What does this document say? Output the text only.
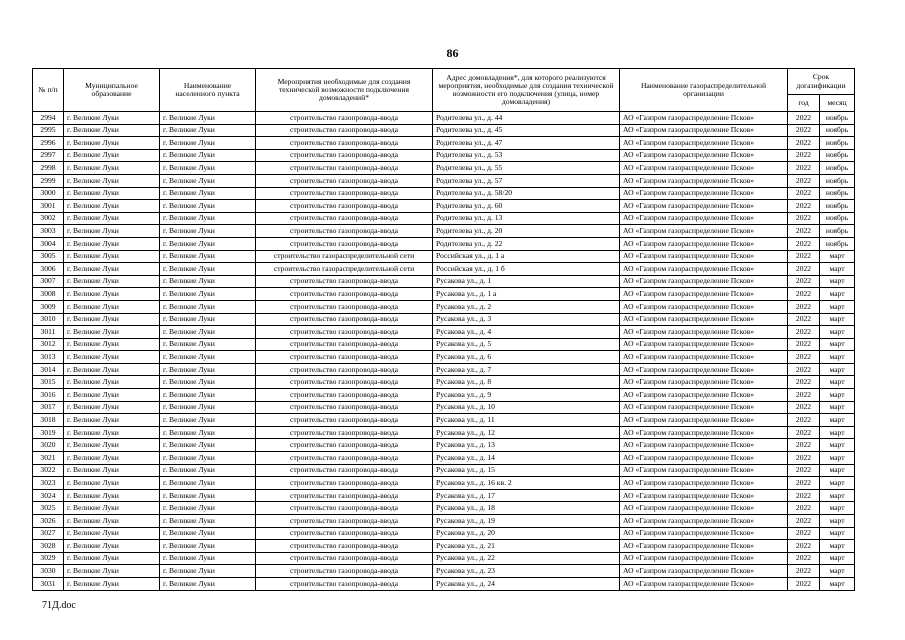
86
№ п/п	Муниципальное образование	Наименование населенного пункта	Мероприятия необходимые для создания технической возможности подключения домовладений*	Адрес домовладения*, для которого реализуются мероприятия, необходимые для создания технической возможности его подключения (улица, номер домовладения)	Наименование газораспределительной организации	Срок догазификации	
						год	месяц
2994	г. Великие Луки	г. Великие Луки	строительство газопровода-ввода	Родителева ул., д. 44	АО «Газпром газораспределение Псков»	2022	ноябрь
2995	г. Великие Луки	г. Великие Луки	строительство газопровода-ввода	Родителева ул., д. 45	АО «Газпром газораспределение Псков»	2022	ноябрь
2996	г. Великие Луки	г. Великие Луки	строительство газопровода-ввода	Родителева ул., д. 47	АО «Газпром газораспределение Псков»	2022	ноябрь
2997	г. Великие Луки	г. Великие Луки	строительство газопровода-ввода	Родителева ул., д. 53	АО «Газпром газораспределение Псков»	2022	ноябрь
2998	г. Великие Луки	г. Великие Луки	строительство газопровода-ввода	Родителева ул., д. 55	АО «Газпром газораспределение Псков»	2022	ноябрь
2999	г. Великие Луки	г. Великие Луки	строительство газопровода-ввода	Родителева ул., д. 57	АО «Газпром газораспределение Псков»	2022	ноябрь
3000	г. Великие Луки	г. Великие Луки	строительство газопровода-ввода	Родителева ул., д. 58/20	АО «Газпром газораспределение Псков»	2022	ноябрь
3001	г. Великие Луки	г. Великие Луки	строительство газопровода-ввода	Родителева ул., д. 60	АО «Газпром газораспределение Псков»	2022	ноябрь
3002	г. Великие Луки	г. Великие Луки	строительство газопровода-ввода	Родителева ул., д. 13	АО «Газпром газораспределение Псков»	2022	ноябрь
3003	г. Великие Луки	г. Великие Луки	строительство газопровода-ввода	Родителева ул., д. 20	АО «Газпром газораспределение Псков»	2022	ноябрь
3004	г. Великие Луки	г. Великие Луки	строительство газопровода-ввода	Родителева ул., д. 22	АО «Газпром газораспределение Псков»	2022	ноябрь
3005	г. Великие Луки	г. Великие Луки	строительство газораспределительной сети	Российская ул., д. 1 а	АО «Газпром газораспределение Псков»	2022	март
3006	г. Великие Луки	г. Великие Луки	строительство газораспределительной сети	Российская ул., д. 1 б	АО «Газпром газораспределение Псков»	2022	март
3007	г. Великие Луки	г. Великие Луки	строительство газопровода-ввода	Русакова ул., д. 1	АО «Газпром газораспределение Псков»	2022	март
3008	г. Великие Луки	г. Великие Луки	строительство газопровода-ввода	Русакова ул., д. 1 а	АО «Газпром газораспределение Псков»	2022	март
3009	г. Великие Луки	г. Великие Луки	строительство газопровода-ввода	Русакова ул., д. 2	АО «Газпром газораспределение Псков»	2022	март
3010	г. Великие Луки	г. Великие Луки	строительство газопровода-ввода	Русакова ул., д. 3	АО «Газпром газораспределение Псков»	2022	март
3011	г. Великие Луки	г. Великие Луки	строительство газопровода-ввода	Русакова ул., д. 4	АО «Газпром газораспределение Псков»	2022	март
3012	г. Великие Луки	г. Великие Луки	строительство газопровода-ввода	Русакова ул., д. 5	АО «Газпром газораспределение Псков»	2022	март
3013	г. Великие Луки	г. Великие Луки	строительство газопровода-ввода	Русакова ул., д. 6	АО «Газпром газораспределение Псков»	2022	март
3014	г. Великие Луки	г. Великие Луки	строительство газопровода-ввода	Русакова ул., д. 7	АО «Газпром газораспределение Псков»	2022	март
3015	г. Великие Луки	г. Великие Луки	строительство газопровода-ввода	Русакова ул., д. 8	АО «Газпром газораспределение Псков»	2022	март
3016	г. Великие Луки	г. Великие Луки	строительство газопровода-ввода	Русакова ул., д. 9	АО «Газпром газораспределение Псков»	2022	март
3017	г. Великие Луки	г. Великие Луки	строительство газопровода-ввода	Русакова ул., д. 10	АО «Газпром газораспределение Псков»	2022	март
3018	г. Великие Луки	г. Великие Луки	строительство газопровода-ввода	Русакова ул., д. 11	АО «Газпром газораспределение Псков»	2022	март
3019	г. Великие Луки	г. Великие Луки	строительство газопровода-ввода	Русакова ул., д. 12	АО «Газпром газораспределение Псков»	2022	март
3020	г. Великие Луки	г. Великие Луки	строительство газопровода-ввода	Русакова ул., д. 13	АО «Газпром газораспределение Псков»	2022	март
3021	г. Великие Луки	г. Великие Луки	строительство газопровода-ввода	Русакова ул., д. 14	АО «Газпром газораспределение Псков»	2022	март
3022	г. Великие Луки	г. Великие Луки	строительство газопровода-ввода	Русакова ул., д. 15	АО «Газпром газораспределение Псков»	2022	март
3023	г. Великие Луки	г. Великие Луки	строительство газопровода-ввода	Русакова ул., д. 16 кв. 2	АО «Газпром газораспределение Псков»	2022	март
3024	г. Великие Луки	г. Великие Луки	строительство газопровода-ввода	Русакова ул., д. 17	АО «Газпром газораспределение Псков»	2022	март
3025	г. Великие Луки	г. Великие Луки	строительство газопровода-ввода	Русакова ул., д. 18	АО «Газпром газораспределение Псков»	2022	март
3026	г. Великие Луки	г. Великие Луки	строительство газопровода-ввода	Русакова ул., д. 19	АО «Газпром газораспределение Псков»	2022	март
3027	г. Великие Луки	г. Великие Луки	строительство газопровода-ввода	Русакова ул., д. 20	АО «Газпром газораспределение Псков»	2022	март
3028	г. Великие Луки	г. Великие Луки	строительство газопровода-ввода	Русакова ул., д. 21	АО «Газпром газораспределение Псков»	2022	март
3029	г. Великие Луки	г. Великие Луки	строительство газопровода-ввода	Русакова ул., д. 22	АО «Газпром газораспределение Псков»	2022	март
3030	г. Великие Луки	г. Великие Луки	строительство газопровода-ввода	Русакова ул., д. 23	АО «Газпром газораспределение Псков»	2022	март
3031	г. Великие Луки	г. Великие Луки	строительство газопровода-ввода	Русакова ул., д. 24	АО «Газпром газораспределение Псков»	2022	март
71Д.doc
